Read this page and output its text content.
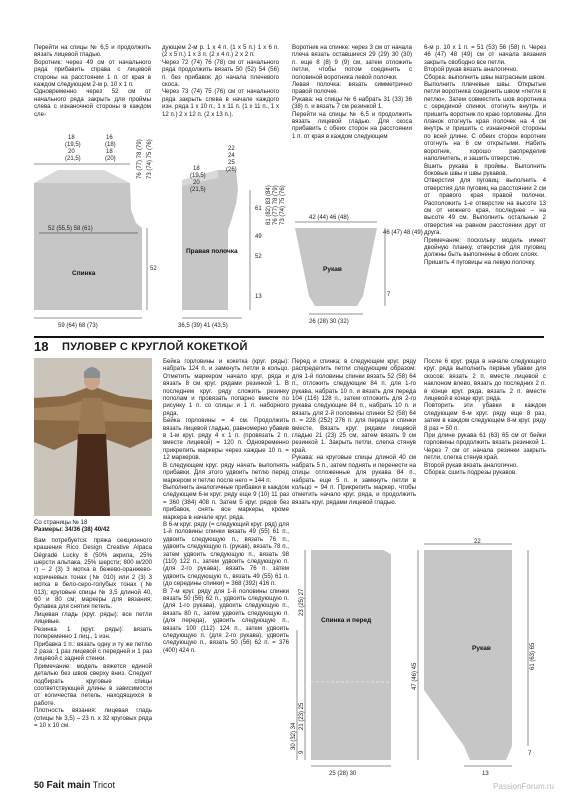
Перейти на спицы № 6,5 и продолжить вязать лицевой гладью.

Воротник: через 49 см от начального ряда прибавить справа с лицевой стороны на расстоянии 1 п. от края в каждом следующем 2-м р. 10 х 1 п.

Одновременно через 52 см от начального ряда закрыть для проймы слева с изнаночной стороны в каждом сле-

дующем 2-м р. 1 х 4 п. (1 х 5 п.) 1 х 6 п. (2 х 5 п.) 1 х 3 п. (2 х 4 п.) 2 х 2 п.

Через 72 (74) 76 (78) см от начального ряда продолжить вязать 50 (52) 54 (56) п. без прибавок до начала плечевого скоса.

Через 73 (74) 75 (76) см от начального ряда закрыть слева в начале каждого изн. ряда 1 х 10 п., 1 х 11 п. (1 х 11 п., 1 х 12 п.) 2 х 12 п. (2 х 13 п.).

Воротник на спинке: через 3 см от начала плеча вязать оставшиеся 29 (29) 30 (30) п. еще 8 (8) 9 (9) см, затем отложить петли, чтобы потом соединить с половиной воротника левой полочки.

Левая полочка: вязать симметрично правой полочке.

Рукава: на спицы № 6 набрать 31 (33) 36 (38) п. и вязать 7 см резинкой 1.

Перейти на спицы № 6,5 и продолжить вязать лицевой гладью. Для скоса прибавить с обеих сторон на расстоянии 1 п. от края в каждом следующем

6-м р. 10 х 1 п. = 51 (53) 56 (58) п. Через 46 (47) 48 (49) см от начала вязания закрыть свободно все петли.

Второй рукав вязать аналогично.

Сборка: выполнить швы матрасным швом. Выполнить плечевые швы. Открытые петли воротника соединить швом «петля в петлю». Затем совместить шов воротника с серединой спинки, отогнуть внутрь и пришить воротник по краю горловины. Для планок отогнуть края полочек на 4 см внутрь и пришить с изнаночной стороны по всей длине. С обеих сторон воротник отогнуть на 6 см открытыми. Набить воротник, хорошо распределив наполнитель, и зашить отверстие.

Вшить рукава в проймы. Выполнить боковые швы и швы рукавов.

Отверстия для пуговиц: выполнить 4 отверстия для пуговиц на расстоянии 2 см от правого края правой полочки. Расположить 1-е отверстие на высоте 13 см от нижнего края, последнее – на высоте 49 см. Выполнить остальные 2 отверстия на равном расстоянии друг от друга.

Примечание: поскольку модель имеет двойную планку, отверстия для пуговиц должны быть выполнены в обоих слоях.

Пришить 4 пуговицы на левую полочку.

18
(19,5)
20
(21,5)
16
(18)
18
(20)	76 (77) 78 (79) 73 (74) 75 (76)
52 (55,5) 58 (61)
52
Спинка
59 (64) 68 (73)
18
(19,5)
20
(21,5)
22
24
25
(26)
81 (82) 83 (84) 76 (77) 78 (79) 73 (74) 75 (76)
61
49
52
13
Правая полочка
36,5 (39) 41 (43,5)
42 (44) 46 (48)
46 (47) 48 (49)
7
Рукав
26 (28) 30 (32)
18 ПУЛОВЕР С КРУГЛОЙ КОКЕТКОЙ

Со страницы № 18

Размеры: 34/36 (38) 40/42

Вам потребуется: пряжа секционного крашения Rico Design Creative Alpaca Dégradé Lucky 8 (50% акрила, 25% шерсти альпака, 25% шерсти; 800 м/200 г) – 2 (3) 3 мотка в бежево-оранжево-коричневых тонах (№ 010) или 2 (3) 3 мотка в бело-серо-голубых тонах (№ 013); круговые спицы № 3,5 длиной 40, 60 и 80 см; маркеры для вязания; булавка для снятия петель.

Лицевая гладь (круг. ряды): все петли лицевые.

Резинка 1 (круг. ряды): вязать попеременно 1 лиц., 1 изн.

Прибавка 1 п.: вязать одну и ту же петлю 2 раза: 1 раз лицевой с передней и 1 раз лицевой с задней стенки.

Примечание: модель вяжется единой деталью без швов сверху вниз. Следует подбирать круговые спицы соответствующей длины в зависимости от количества петель, находящихся в работе.

Плотность вязания: лицевая гладь (спицы № 3,5) – 23 п. х 32 круговых ряда = 10 х 10 см.

Бейка горловины и кокетка (круг. ряды): набрать 124 п. и замкнуть петли в кольцо. Отметить маркером начало круг. ряда и вязать 8 см круг. рядами резинкой 1. В последнем круг. ряду сложить резинку пополам и провязать попарно вместе по рисунку 1 п. со спицы и 1 п. наборного ряда.

Бейка горловины = 4 см. Продолжить вязать лицевой гладью, равномерно убавив в 1-м круг. ряду 4 х 1 п. (провязать 2 п. вместе лицевой) = 120 п. Одновременно прикрепить маркеры через каждые 10 п. = 12 маркеров.

В следующем круг. ряду начать выполнять прибавки. Для этого удвоить петлю перед маркером и петлю после него = 144 п.

Выполнить аналогичные прибавки в каждом следующем 6-м круг. ряду еще 9 (10) 11 раз = 360 (384) 408 п. Затем 5 круг. рядов без прибавок, снять все маркеры, кроме маркера в начале круг. ряда.

В 6-м круг. ряду (= следующий круг. ряд) для 1-й половины спинки вязать 49 (55) 61 п., удвоить следующую п., вязать 76 п., удвоить следующую п. (рукав), вязать 78 п., затем удвоить следующую п., вязать 98 (110) 122 п., затем удвоить следующую п. (для 2-го рукава), вязать 76 п. затем удвоить следующую п., вязать 49 (55) 61 п. (до середины спинки) = 368 (392) 416 п.

В 7-м круг. ряду для 1-й половины спинки вязать 50 (56) 62 п., удвоить следующую п. (для 1-го рукава), удвоить следующую п., вязать 80 п., затем удвоить следующую п. (для переда), удвоить следующую п., вязать 100 (112) 124 п., затем удвоить следующую п. (для 2-го рукава), удвоить следующую п., вязать 50 (56) 62 п. = 376 (400) 424 п.

Перед и спинка: в следующем круг. ряду распределить петли следующим образом: для 1-й половины спинки вязать 52 (58) 64 п., отложить следующие 84 п. для 1-го рукава, набрать 10 п. и вязать для переда 104 (116) 128 п., затем отложить для 2-го рукава следующие 84 п., набрать 10 п. и вязать для 2-й половины спинки 52 (58) 64 п. = 228 (252) 276 п. для переда и спинки вместе. Вязать круг. рядами лицевой гладью 21 (23) 25 см, затем вязать 9 см резинкой 1. Закрыть петли, слегка стянув край.

Рукава: на круговые спицы длиной 40 см набрать 5 п., затем поднять и перенести на спицы отложенные для рукава 84 п., набрать еще 5 п. и замкнуть петли в кольцо = 94 п. Прикрепить маркер, чтобы отметить начало круг. ряда, и продолжить вязать круг. рядами лицевой гладью.

После 6 круг. ряда в начале следующего круг. ряда выполнить первые убавки для скосов: вязать 2 п. вместе лицевой с наклоном влево, вязать до последних 2 п. в конце круг. ряда, вязать 2 п. вместе лицевой в конце круг. ряда.

Повторить эти убавки в каждом следующем 6-м круг. ряду еще 8 раз, затем в каждом следующем 8-м круг. ряду 8 раз = 50 п.

При длине рукава 61 (63) 65 см от бейки горловины продолжить вязать резинкой 1. Через 7 см от начала резинки закрыть петли, слегка стянув край.

Второй рукав вязать аналогично.

Сборка: сшить подрезы рукавов.

23 (25) 27
30 (32) 34
21 (23) 25
9
Спинка и перед
25 (28) 30
22
47 (46) 45
61 (63) 65
7
Рукав
13
50 Fait main Tricot	PassionForum.ru
